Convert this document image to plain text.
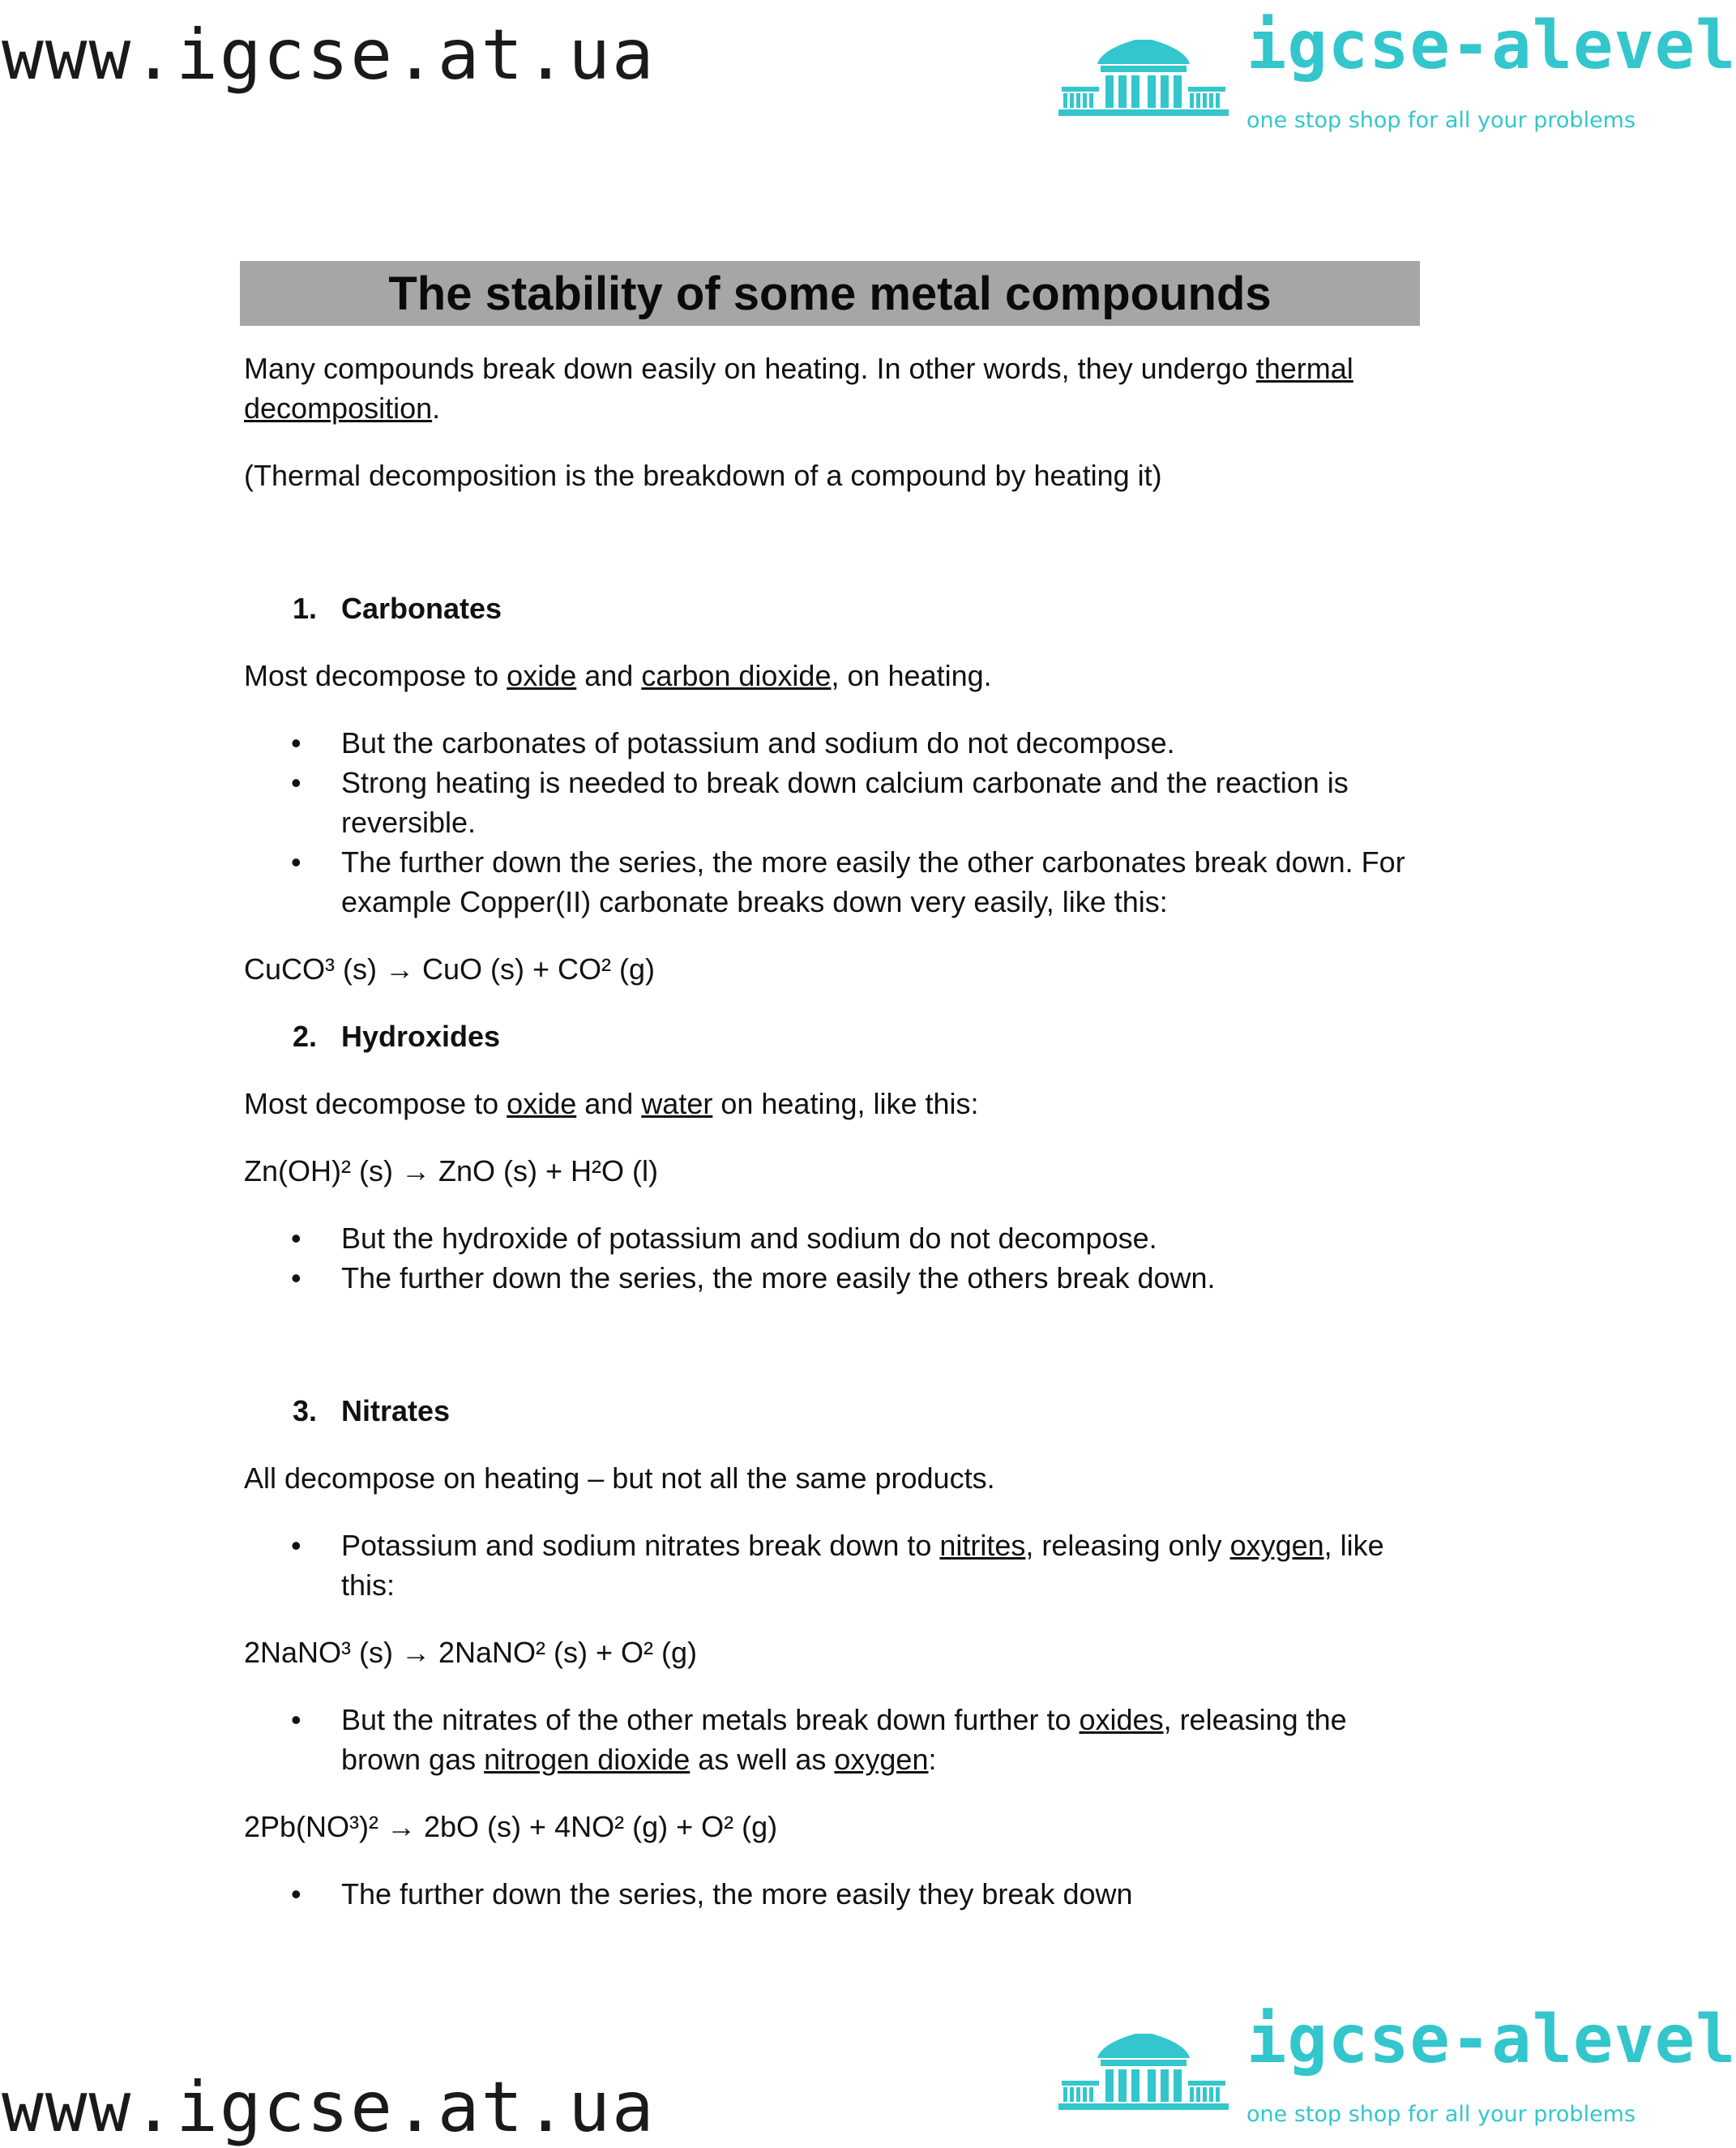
www.igcse.at.ua	igcse-alevel
one stop shop for all your problems
The stability of some metal compounds

Many compounds break down easily on heating. In other words, they undergo thermal decomposition.

(Thermal decomposition is the breakdown of a compound by heating it)

1. Carbonates

Most decompose to oxide and carbon dioxide, on heating.

• But the carbonates of potassium and sodium do not decompose.
• Strong heating is needed to break down calcium carbonate and the reaction is reversible.
• The further down the series, the more easily the other carbonates break down. For example Copper(II) carbonate breaks down very easily, like this:

CuCO³ (s) → CuO (s) + CO² (g)

2. Hydroxides

Most decompose to oxide and water on heating, like this:

Zn(OH)² (s) → ZnO (s) + H²O (l)

• But the hydroxide of potassium and sodium do not decompose.
• The further down the series, the more easily the others break down.

3. Nitrates

All decompose on heating – but not all the same products.

• Potassium and sodium nitrates break down to nitrites, releasing only oxygen, like this:

2NaNO³ (s) → 2NaNO² (s) + O² (g)

• But the nitrates of the other metals break down further to oxides, releasing the brown gas nitrogen dioxide as well as oxygen:

2Pb(NO³)² → 2bO (s) + 4NO² (g) + O² (g)

• The further down the series, the more easily they break down
www.igcse.at.ua
igcse-alevel
one stop shop for all your problems
